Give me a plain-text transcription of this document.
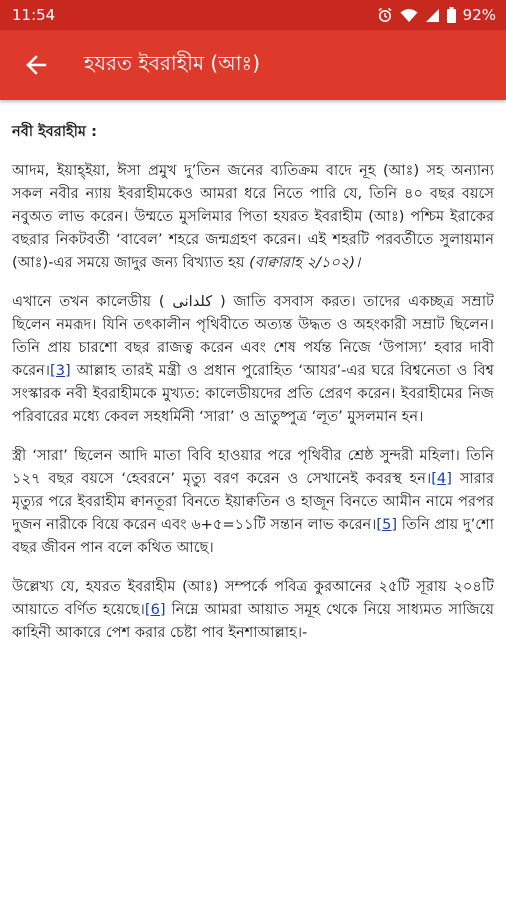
11:54	92%
হযরত ইবরাহীম (আঃ)
নবী ইবরাহীম :

আদম, ইয়াহ্ইয়া, ঈসা প্রমুখ দু’তিন জনের ব্যতিক্রম বাদে নূহ (আঃ) সহ অন্যান্য সকল নবীর ন্যায় ইবরাহীমকেও আমরা ধরে নিতে পারি যে, তিনি ৪০ বছর বয়সে নবুঅত লাভ করেন। উম্মতে মুসলিমার পিতা হযরত ইবরাহীম (আঃ) পশ্চিম ইরাকের বছরার নিকটবর্তী ‘বাবেল’ শহরে জন্মগ্রহণ করেন। এই শহরটি পরবর্তীতে সুলায়মান (আঃ)-এর সময়ে জাদুর জন্য বিখ্যাত হয় (বাক্বারাহ ২/১০২)।

এখানে তখন কালেডীয় ( كلدانى ) জাতি বসবাস করত। তাদের একচ্ছত্র সম্রাট ছিলেন নমরূদ। যিনি তৎকালীন পৃথিবীতে অত্যন্ত উদ্ধত ও অহংকারী সম্রাট ছিলেন। তিনি প্রায় চারশো বছর রাজত্ব করেন এবং শেষ পর্যন্ত নিজে ‘উপাস্য’ হবার দাবী করেন।[3] আল্লাহ তারই মন্ত্রী ও প্রধান পুরোহিত ‘আযর’-এর ঘরে বিশ্বনেতা ও বিশ্ব সংস্কারক নবী ইবরাহীমকে মুখ্যত: কালেডীয়দের প্রতি প্রেরণ করেন। ইবরাহীমের নিজ পরিবারের মধ্যে কেবল সহধর্মিনী ‘সারা’ ও ভ্রাতুষ্পুত্র ‘লূত’ মুসলমান হন।

স্ত্রী ‘সারা’ ছিলেন আদি মাতা বিবি হাওয়ার পরে পৃথিবীর শ্রেষ্ঠ সুন্দরী মহিলা। তিনি ১২৭ বছর বয়সে ‘হেবরনে’ মৃত্যু বরণ করেন ও সেখানেই কবরস্থ হন।[4] সারার মৃত্যুর পরে ইবরাহীম ক্বানতূরা বিনতে ইয়াক্বতিন ও হাজূন বিনতে আমীন নামে পরপর দুজন নারীকে বিয়ে করেন এবং ৬+৫=১১টি সন্তান লাভ করেন।[5] তিনি প্রায় দু’শো বছর জীবন পান বলে কথিত আছে।

উল্লেখ্য যে, হযরত ইবরাহীম (আঃ) সম্পর্কে পবিত্র কুরআনের ২৫টি সূরায় ২০৪টি আয়াতে বর্ণিত হয়েছে।[6] নিম্নে আমরা আয়াত সমূহ থেকে নিয়ে সাধ্যমত সাজিয়ে কাহিনী আকারে পেশ করার চেষ্টা পাব ইনশাআল্লাহ।-
